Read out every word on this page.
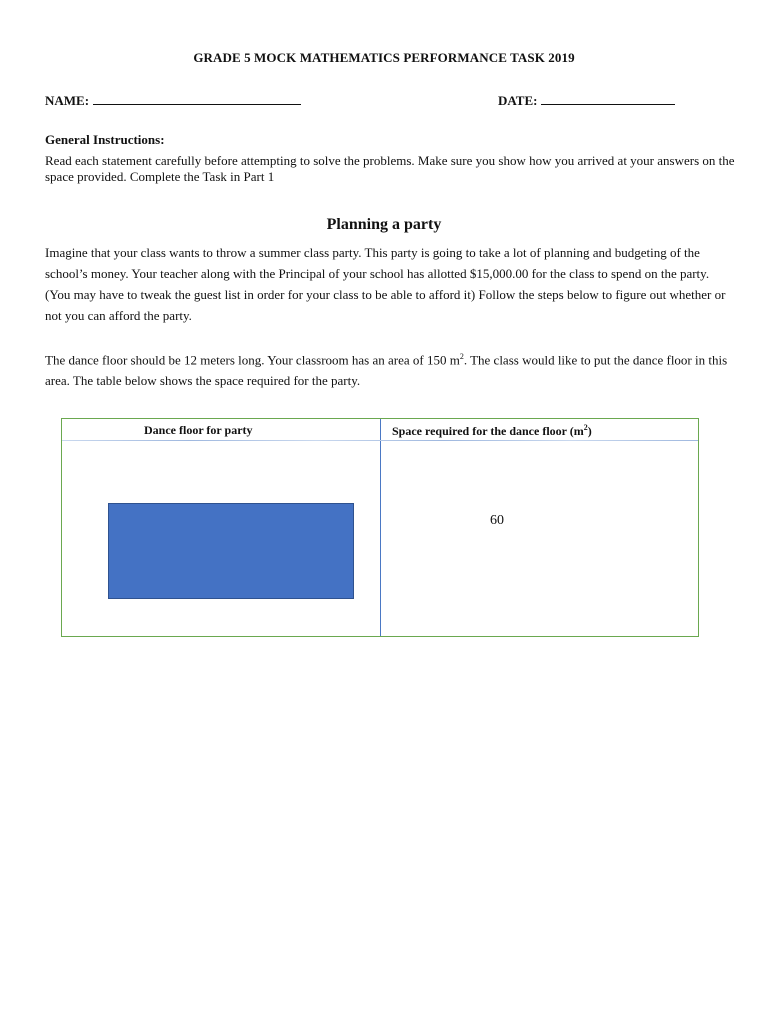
GRADE 5 MOCK MATHEMATICS PERFORMANCE TASK 2019
NAME:	DATE:
General Instructions:
Read each statement carefully before attempting to solve the problems. Make sure you show how you arrived at your answers on the space provided. Complete the Task in Part 1
Planning a party
Imagine that your class wants to throw a summer class party. This party is going to take a lot of planning and budgeting of the school’s money. Your teacher along with the Principal of your school has allotted $15,000.00 for the class to spend on the party. (You may have to tweak the guest list in order for your class to be able to afford it) Follow the steps below to figure out whether or not you can afford the party.
The dance floor should be 12 meters long. Your classroom has an area of 150 $m^2$. The class would like to put the dance floor in this area. The table below shows the space required for the party.
Dance floor for party	Space required for the dance floor $(m^2)$
60
